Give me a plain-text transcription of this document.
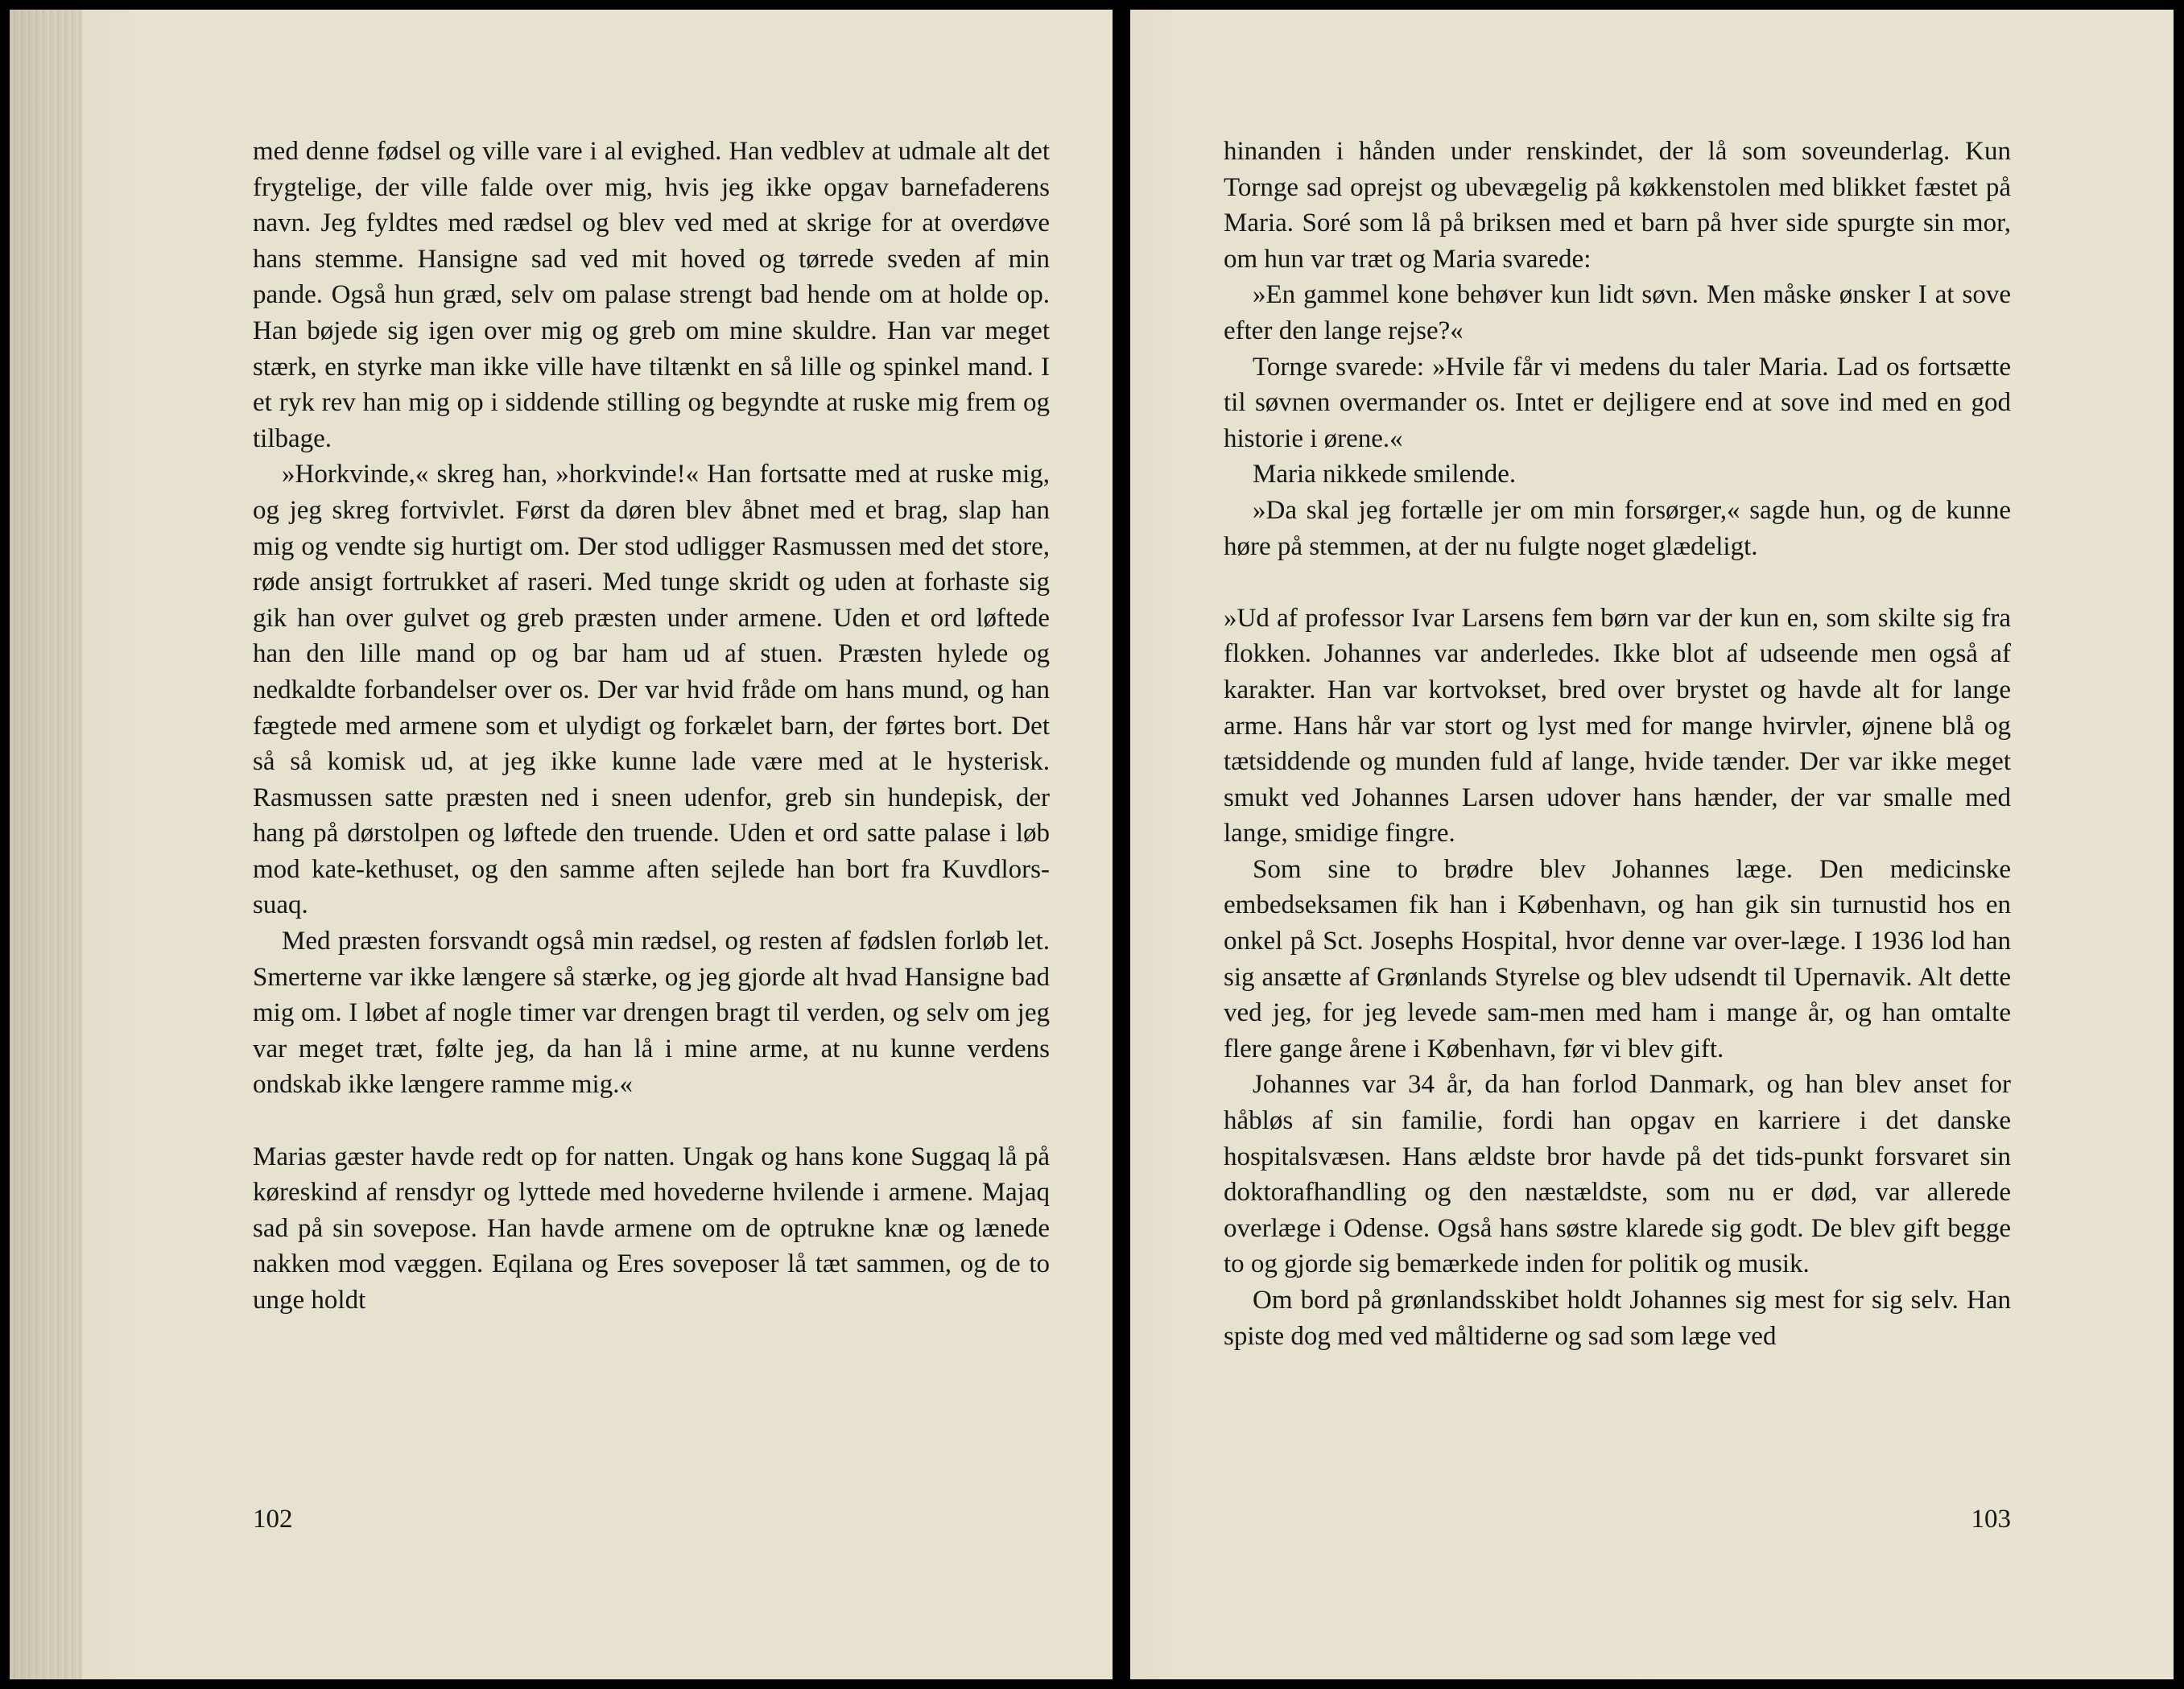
med denne fødsel og ville vare i al evighed. Han vedblev at udmale alt det frygtelige, der ville falde over mig, hvis jeg ikke opgav barnefaderens navn. Jeg fyldtes med rædsel og blev ved med at skrige for at overdøve hans stemme. Hansigne sad ved mit hoved og tørrede sveden af min pande. Også hun græd, selv om palase strengt bad hende om at holde op. Han bøjede sig igen over mig og greb om mine skuldre. Han var meget stærk, en styrke man ikke ville have tiltænkt en så lille og spinkel mand. I et ryk rev han mig op i siddende stilling og begyndte at ruske mig frem og tilbage.

»Horkvinde,« skreg han, »horkvinde!« Han fortsatte med at ruske mig, og jeg skreg fortvivlet. Først da døren blev åbnet med et brag, slap han mig og vendte sig hurtigt om. Der stod udligger Rasmussen med det store, røde ansigt fortrukket af raseri. Med tunge skridt og uden at forhaste sig gik han over gulvet og greb præsten under armene. Uden et ord løftede han den lille mand op og bar ham ud af stuen. Præsten hylede og nedkaldte forbandelser over os. Der var hvid fråde om hans mund, og han fægtede med armene som et ulydigt og forkælet barn, der førtes bort. Det så så komisk ud, at jeg ikke kunne lade være med at le hysterisk. Rasmussen satte præsten ned i sneen udenfor, greb sin hundepisk, der hang på dørstolpen og løftede den truende. Uden et ord satte palase i løb mod kate-kethuset, og den samme aften sejlede han bort fra Kuvdlors-suaq.

Med præsten forsvandt også min rædsel, og resten af fødslen forløb let. Smerterne var ikke længere så stærke, og jeg gjorde alt hvad Hansigne bad mig om. I løbet af nogle timer var drengen bragt til verden, og selv om jeg var meget træt, følte jeg, da han lå i mine arme, at nu kunne verdens ondskab ikke længere ramme mig.«

Marias gæster havde redt op for natten. Ungak og hans kone Suggaq lå på køreskind af rensdyr og lyttede med hovederne hvilende i armene. Majaq sad på sin sovepose. Han havde armene om de optrukne knæ og lænede nakken mod væggen. Eqilana og Eres soveposer lå tæt sammen, og de to unge holdt

102

hinanden i hånden under renskindet, der lå som soveunderlag. Kun Tornge sad oprejst og ubevægelig på køkkenstolen med blikket fæstet på Maria. Soré som lå på briksen med et barn på hver side spurgte sin mor, om hun var træt og Maria svarede:

»En gammel kone behøver kun lidt søvn. Men måske ønsker I at sove efter den lange rejse?«

Tornge svarede: »Hvile får vi medens du taler Maria. Lad os fortsætte til søvnen overmander os. Intet er dejligere end at sove ind med en god historie i ørene.«

Maria nikkede smilende.

»Da skal jeg fortælle jer om min forsørger,« sagde hun, og de kunne høre på stemmen, at der nu fulgte noget glædeligt.

»Ud af professor Ivar Larsens fem børn var der kun en, som skilte sig fra flokken. Johannes var anderledes. Ikke blot af udseende men også af karakter. Han var kortvokset, bred over brystet og havde alt for lange arme. Hans hår var stort og lyst med for mange hvirvler, øjnene blå og tætsiddende og munden fuld af lange, hvide tænder. Der var ikke meget smukt ved Johannes Larsen udover hans hænder, der var smalle med lange, smidige fingre.

Som sine to brødre blev Johannes læge. Den medicinske embedseksamen fik han i København, og han gik sin turnustid hos en onkel på Sct. Josephs Hospital, hvor denne var over-læge. I 1936 lod han sig ansætte af Grønlands Styrelse og blev udsendt til Upernavik. Alt dette ved jeg, for jeg levede sam-men med ham i mange år, og han omtalte flere gange årene i København, før vi blev gift.

Johannes var 34 år, da han forlod Danmark, og han blev anset for håbløs af sin familie, fordi han opgav en karriere i det danske hospitalsvæsen. Hans ældste bror havde på det tids-punkt forsvaret sin doktorafhandling og den næstældste, som nu er død, var allerede overlæge i Odense. Også hans søstre klarede sig godt. De blev gift begge to og gjorde sig bemærkede inden for politik og musik.

Om bord på grønlandsskibet holdt Johannes sig mest for sig selv. Han spiste dog med ved måltiderne og sad som læge ved

103
